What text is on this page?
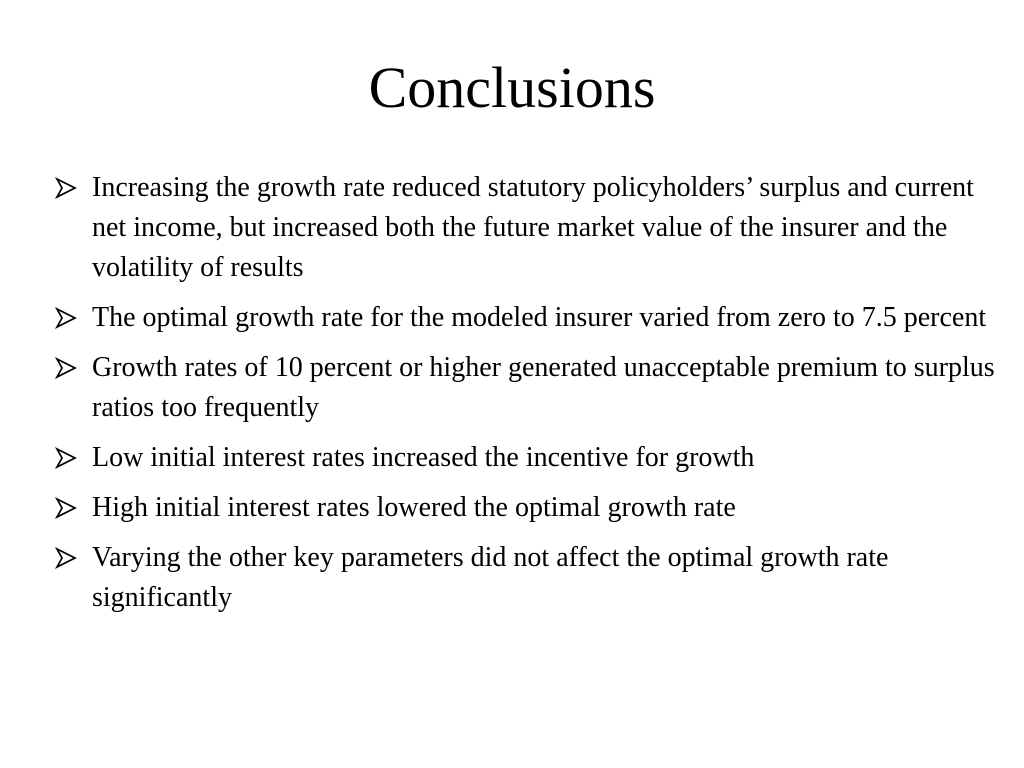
Conclusions
Increasing the growth rate reduced statutory policyholders’ surplus and current net income, but increased both the future market value of the insurer and the volatility of results
The optimal growth rate for the modeled insurer varied from zero to 7.5 percent
Growth rates of 10 percent or higher generated unacceptable premium to surplus ratios too frequently
Low initial interest rates increased the incentive for growth
High initial interest rates lowered the optimal growth rate
Varying the other key parameters did not affect the optimal growth rate significantly
